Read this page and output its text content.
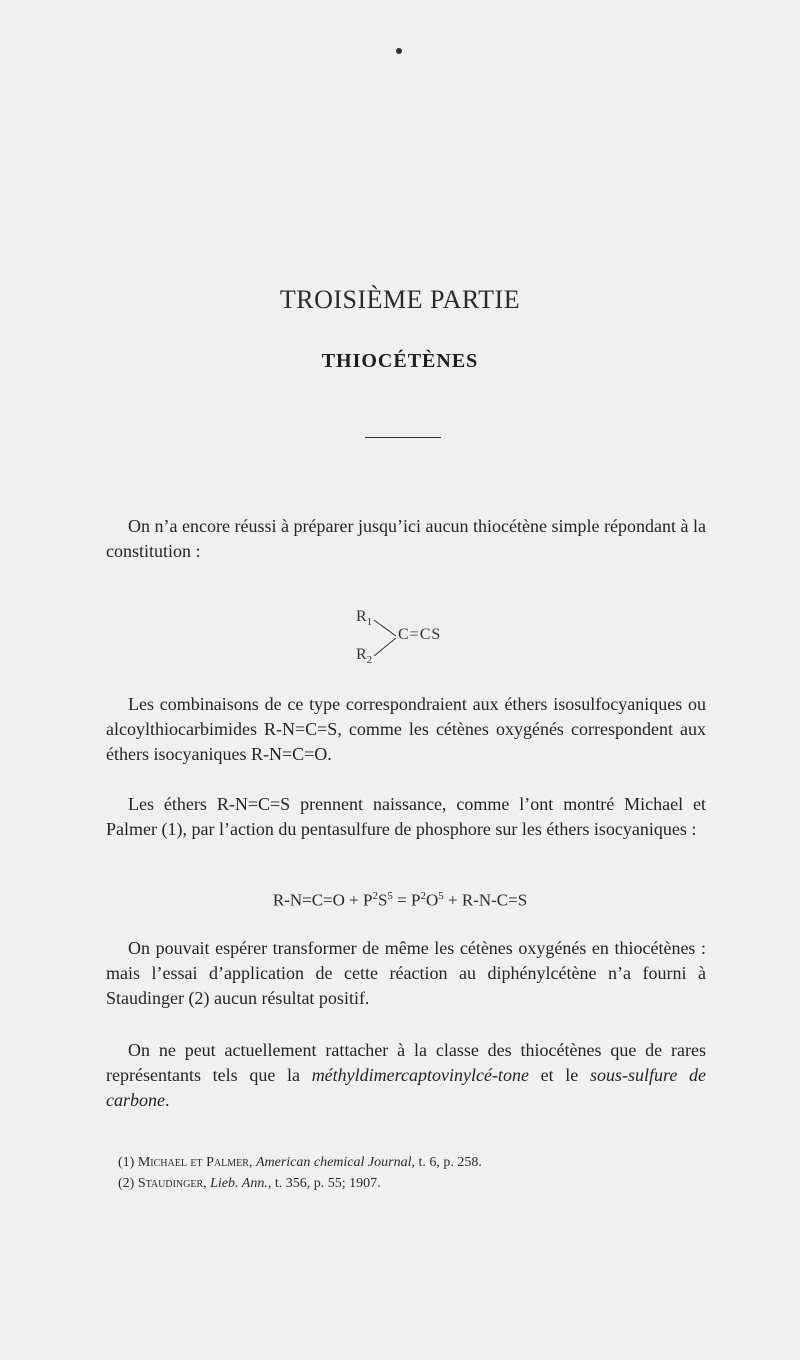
TROISIÈME PARTIE
THIOCÉTÈNES

On n’a encore réussi à préparer jusqu’ici aucun thiocétène simple répondant à la constitution :

$R_1$
$R_2$
C=CS

Les combinaisons de ce type correspondraient aux éthers isosulfocyaniques ou alcoylthiocarbimides R-N=C=S, comme les cétènes oxygénés correspondent aux éthers isocyaniques R-N=C=O.

Les éthers R-N=C=S prennent naissance, comme l’ont montré Michael et Palmer (1), par l’action du pentasulfure de phosphore sur les éthers isocyaniques :

$R-N=C=O + P^2S^5 = P^2O^5 + R-N-C=S$

On pouvait espérer transformer de même les cétènes oxygénés en thiocétènes : mais l’essai d’application de cette réaction au diphénylcétène n’a fourni à Staudinger (2) aucun résultat positif.

On ne peut actuellement rattacher à la classe des thiocétènes que de rares représentants tels que la méthyldimercaptovinylcé-tone et le sous-sulfure de carbone.

(1) Michael et Palmer, American chemical Journal, t. 6, p. 258.
(2) Staudinger, Lieb. Ann., t. 356, p. 55; 1907.
